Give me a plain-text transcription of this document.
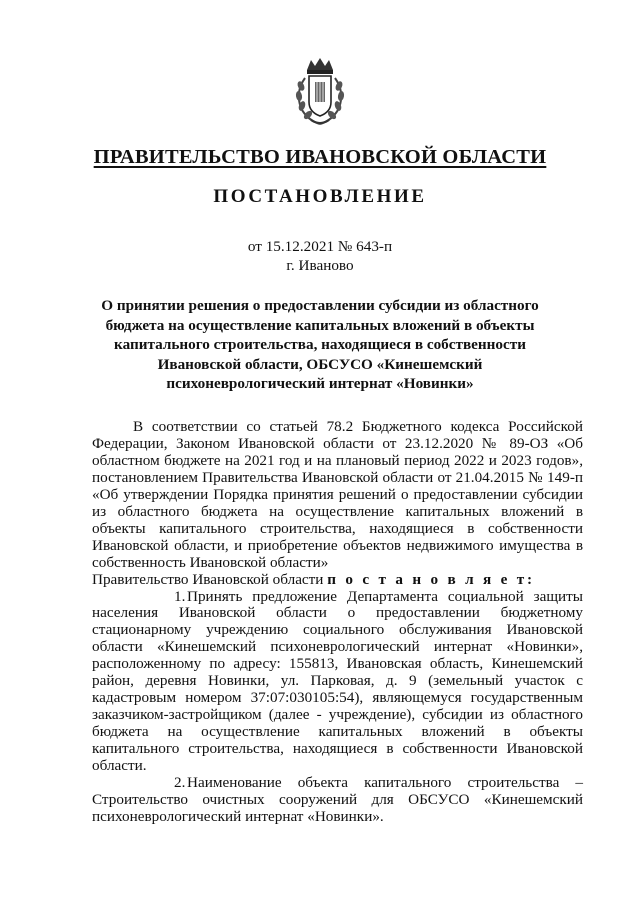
ПРАВИТЕЛЬСТВО ИВАНОВСКОЙ ОБЛАСТИ
ПОСТАНОВЛЕНИЕ
от 15.12.2021 № 643-п
г. Иваново
О принятии решения о предоставлении субсидии из областного
бюджета на осуществление капитальных вложений в объекты
капитального строительства, находящиеся в собственности
Ивановской области, ОБСУСО «Кинешемский
психоневрологический интернат «Новинки»

В соответствии со статьей 78.2 Бюджетного кодекса Российской Федерации, Законом Ивановской области от 23.12.2020 № 89-ОЗ «Об областном бюджете на 2021 год и на плановый период 2022 и 2023 годов», постановлением Правительства Ивановской области от 21.04.2015 № 149-п «Об утверждении Порядка принятия решений о предоставлении субсидии из областного бюджета на осуществление капитальных вложений в объекты капитального строительства, находящиеся в собственности Ивановской области, и приобретение объектов недвижимого имущества в собственность Ивановской области»

Правительство Ивановской области п о с т а н о в л я е т:

1. Принять предложение Департамента социальной защиты населения Ивановской области о предоставлении бюджетному стационарному учреждению социального обслуживания Ивановской области «Кинешемский психоневрологический интернат «Новинки», расположенному по адресу: 155813, Ивановская область, Кинешемский район, деревня Новинки, ул. Парковая, д. 9 (земельный участок с кадастровым номером 37:07:030105:54), являющемуся государственным заказчиком-застройщиком (далее - учреждение), субсидии из областного бюджета на осуществление капитальных вложений в объекты капитального строительства, находящиеся в собственности Ивановской области.

2. Наименование объекта капитального строительства – Строительство очистных сооружений для ОБСУСО «Кинешемский психоневрологический интернат «Новинки».
